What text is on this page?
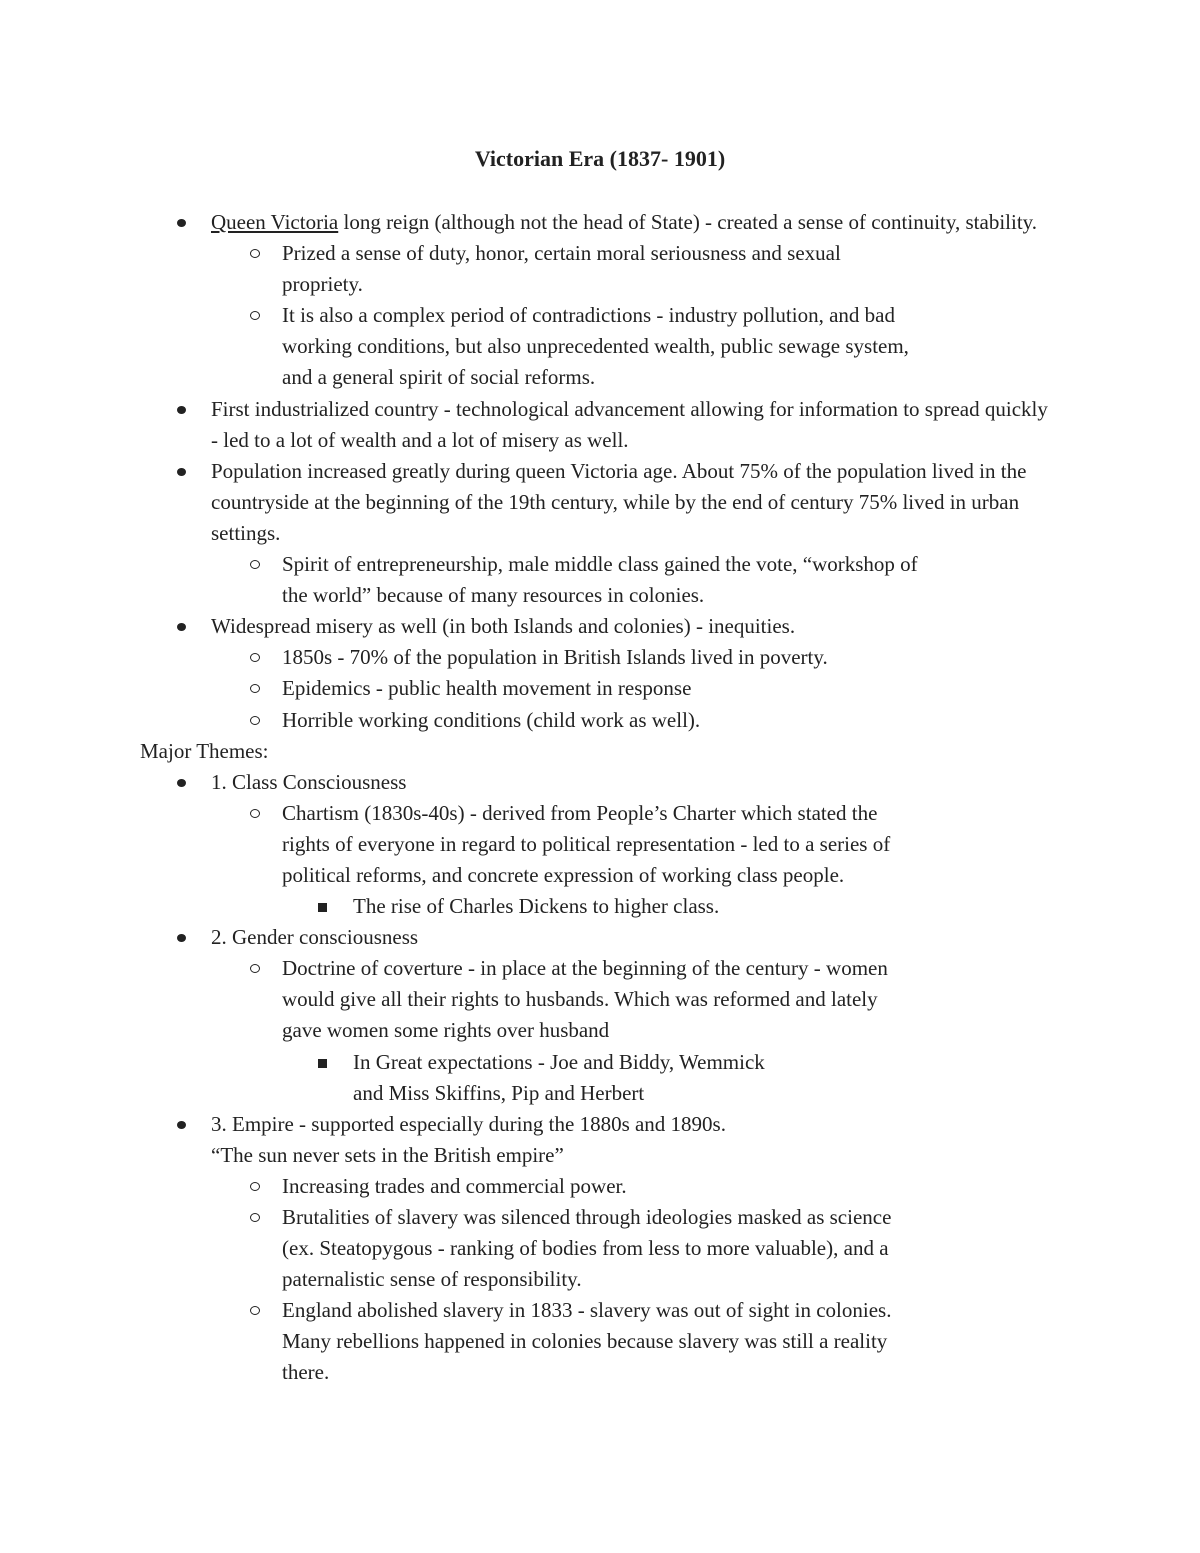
Victorian Era (1837- 1901)
Queen Victoria long reign (although not the head of State) - created a sense of continuity, stability.
Prized a sense of duty, honor, certain moral seriousness and sexual propriety.
It is also a complex period of contradictions - industry pollution, and bad working conditions, but also unprecedented wealth, public sewage system, and a general spirit of social reforms.
First industrialized country - technological advancement allowing for information to spread quickly - led to a lot of wealth and a lot of misery as well.
Population increased greatly during queen Victoria age. About 75% of the population lived in the countryside at the beginning of the 19th century, while by the end of century 75% lived in urban settings.
Spirit of entrepreneurship, male middle class gained the vote, “workshop of the world” because of many resources in colonies.
Widespread misery as well (in both Islands and colonies) - inequities.
1850s - 70% of the population in British Islands lived in poverty.
Epidemics - public health movement in response
Horrible working conditions (child work as well).
Major Themes:
1. Class Consciousness
Chartism (1830s-40s) - derived from People’s Charter which stated the rights of everyone in regard to political representation - led to a series of political reforms, and concrete expression of working class people.
The rise of Charles Dickens to higher class.
2. Gender consciousness
Doctrine of coverture - in place at the beginning of the century - women would give all their rights to husbands. Which was reformed and lately gave women some rights over husband
In Great expectations - Joe and Biddy, Wemmick and Miss Skiffins, Pip and Herbert
3. Empire - supported especially during the 1880s and 1890s.
“The sun never sets in the British empire”
Increasing trades and commercial power.
Brutalities of slavery was silenced through ideologies masked as science (ex. Steatopygous - ranking of bodies from less to more valuable), and a paternalistic sense of responsibility.
England abolished slavery in 1833 - slavery was out of sight in colonies. Many rebellions happened in colonies because slavery was still a reality there.
